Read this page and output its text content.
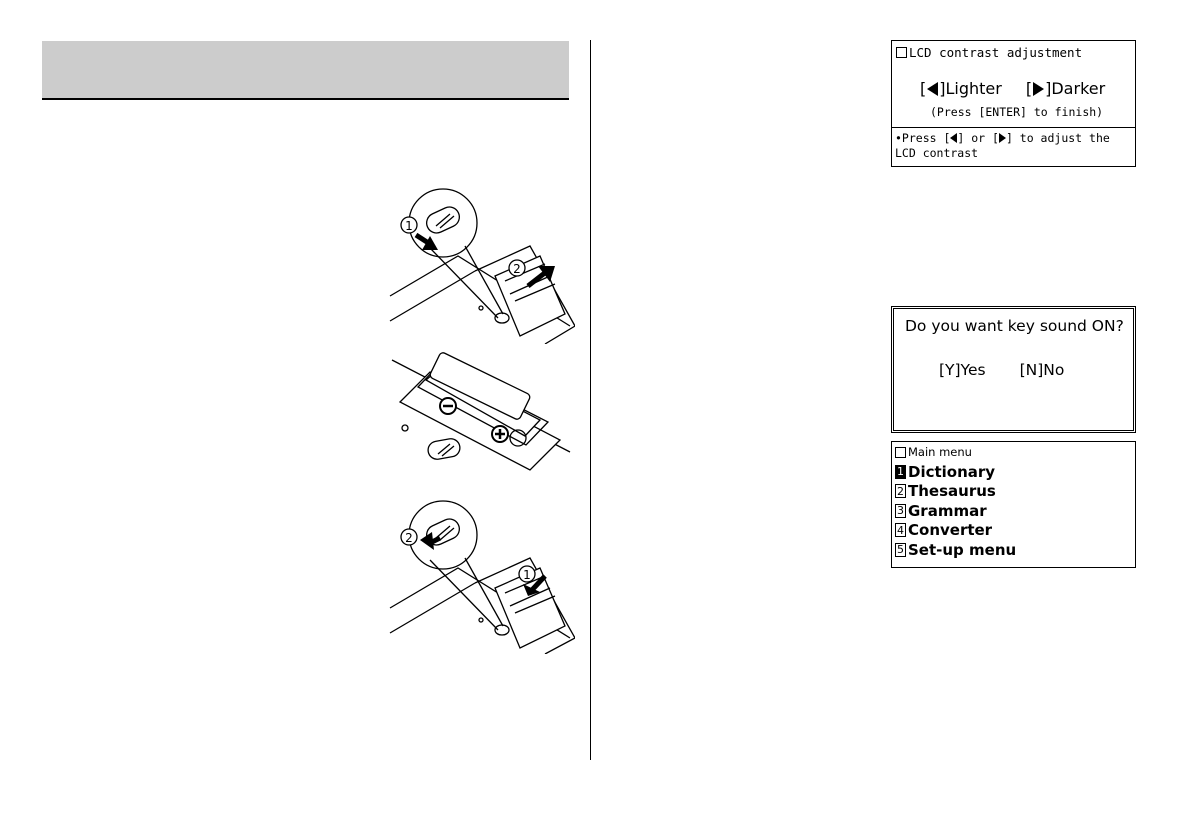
1
2
2
1
LCD contrast adjustment
[ ] Lighter [ ] Darker
(Press [ENTER] to finish)
•Press [ ] or [ ] to adjust the
LCD contrast
Do you want key sound ON?
[Y]Yes [N]No
Main menu
1 Dictionary
2 Thesaurus
3 Grammar
4 Converter
5 Set-up menu
